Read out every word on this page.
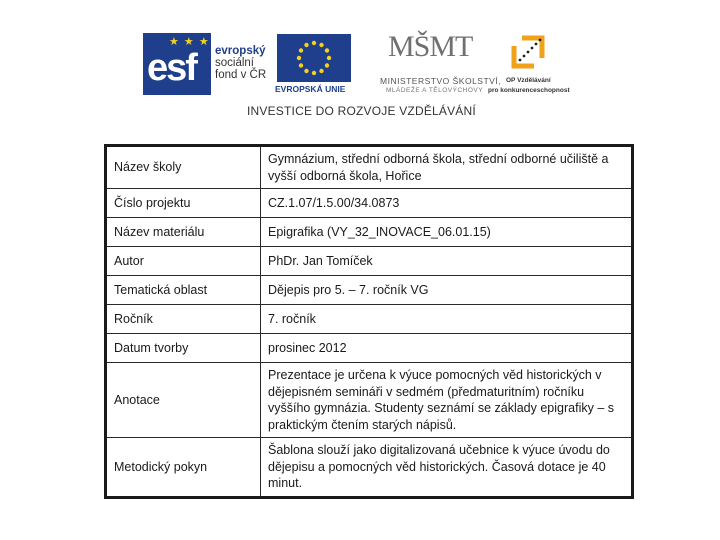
★ ★ ★
esf evropský
sociální
fond v ČR
EVROPSKÁ UNIE
MŠMT
MINISTERSTVO ŠKOLSTVÍ,
MLÁDEŽE A TĚLOVÝCHOVY
OP Vzdělávání
pro konkurenceschopnost
INVESTICE DO ROZVOJE VZDĚLÁVÁNÍ
Název školy	Gymnázium, střední odborná škola, střední odborné učiliště a vyšší odborná škola, Hořice
Číslo projektu	CZ.1.07/1.5.00/34.0873
Název materiálu	Epigrafika (VY_32_INOVACE_06.01.15)
Autor	PhDr. Jan Tomíček
Tematická oblast	Dějepis pro 5. – 7. ročník VG
Ročník	7. ročník
Datum tvorby	prosinec 2012
Anotace	Prezentace je určena k výuce pomocných věd historických v dějepisném semináři v sedmém (předmaturitním) ročníku vyššího gymnázia. Studenty seznámí se základy epigrafiky – s praktickým čtením starých nápisů.
Metodický pokyn	Šablona slouží jako digitalizovaná učebnice k výuce úvodu do dějepisu a pomocných věd historických. Časová dotace je 40 minut.
